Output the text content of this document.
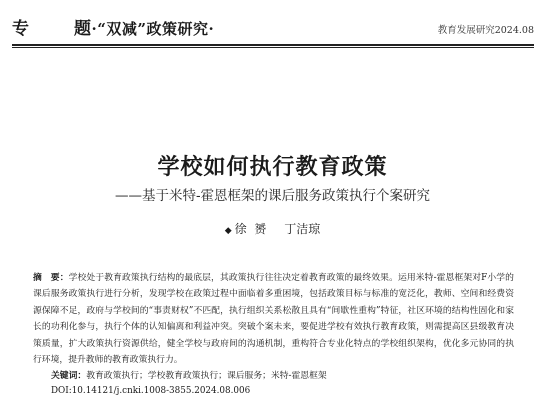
专	题·“双减”政策研究·	教育发展研究2024.08
学校如何执行教育政策
——基于米特-霍恩框架的课后服务政策执行个案研究
◆ 徐  赟 丁洁琼
摘　要：学校处于教育政策执行结构的最底层，其政策执行往往决定着教育政策的最终效果。运用米特-霍恩框架对F小学的课后服务政策执行进行分析，发现学校在政策过程中面临着多重困境，包括政策目标与标准的宽泛化，教师、空间和经费资源保障不足，政府与学校间的“事责财权”不匹配，执行组织关系松散且具有“间歇性重构”特征，社区环境的结构性固化和家长的功利化参与，执行个体的认知偏离和利益冲突。突破个案未来，要促进学校有效执行教育政策，则需提高区县级教育决策质量，扩大政策执行资源供给，健全学校与政府间的沟通机制，重构符合专业化特点的学校组织架构，优化多元协同的执行环境，提升教师的教育政策执行力。
关键词：教育政策执行；学校教育政策执行；课后服务；米特-霍恩框架
DOI:10.14121/j.cnki.1008-3855.2024.08.006
